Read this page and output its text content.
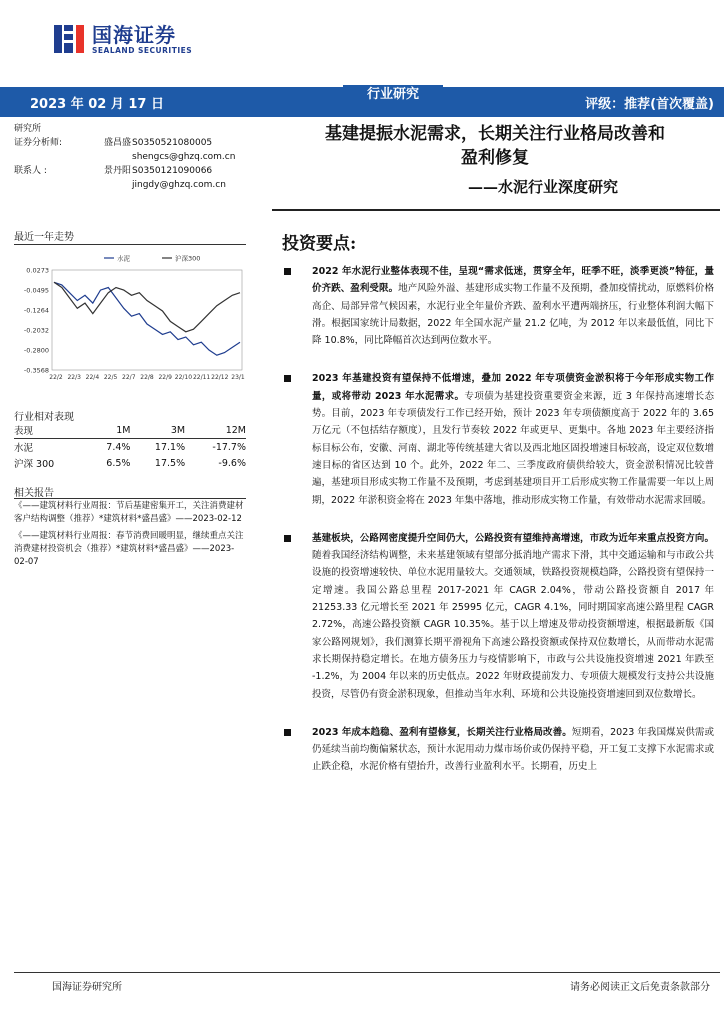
国海证券
SEALAND SECURITIES
2023 年 02 月 17 日
行业研究
评级：推荐(首次覆盖)
研究所
证券分析师:	盛昌盛 S0350521080005
shengcs@ghzq.com.cn
联系人 :	景丹阳 S0350121090066
jingdy@ghzq.com.cn
基建提振水泥需求，长期关注行业格局改善和
盈利修复
——水泥行业深度研究
最近一年走势
0.0273
-0.0495
-0.1264
-0.2032
-0.2800
-0.3568
22/2 22/3 22/4 22/5 22/7 22/8 22/9 22/10 22/11 22/12 23/1
水泥	沪深300
行业相对表现
表现	1M	3M	12M
水泥	7.4%	17.1%	-17.7%
沪深 300	6.5%	17.5%	-9.6%
相关报告

《——建筑材料行业周报：节后基建密集开工，关注消费建材客户结构调整（推荐）*建筑材料*盛昌盛》——2023-02-12

《——建筑材料行业周报：春节消费回暖明显，继续重点关注消费建材投资机会（推荐）*建筑材料*盛昌盛》——2023-02-07

投资要点:
2022 年水泥行业整体表现不佳，呈现“需求低迷，贯穿全年，旺季不旺，淡季更淡”特征，量价齐跌、盈利受限。地产风险外溢、基建形成实物工作量不及预期，叠加疫情扰动，原燃料价格高企、局部异常气候因素，水泥行业全年量价齐跌、盈利水平遭两端挤压，行业整体利润大幅下滑。根据国家统计局数据，2022 年全国水泥产量 21.2 亿吨，为 2012 年以来最低值，同比下降 10.8%，同比降幅首次达到两位数水平。
2023 年基建投资有望保持不低增速，叠加 2022 年专项债资金淤积将于今年形成实物工作量，或将带动 2023 年水泥需求。专项债为基建投资重要资金来源，近 3 年保持高速增长态势。目前，2023 年专项债发行工作已经开始，预计 2023 年专项债额度高于 2022 年的 3.65 万亿元（不包括结存额度），且发行节奏较 2022 年或更早、更集中。各地 2023 年主要经济指标目标公布，安徽、河南、湖北等传统基建大省以及西北地区固投增速目标较高，设定双位数增速目标的省区达到 10 个。此外，2022 年二、三季度政府债供给较大，资金淤积情况比较普遍，基建项目形成实物工作量不及预期，考虑到基建项目开工后形成实物工作量需要一年以上周期，2022 年淤积资金将在 2023 年集中落地，推动形成实物工作量，有效带动水泥需求回暖。
基建板块，公路网密度提升空间仍大，公路投资有望维持高增速，市政为近年来重点投资方向。随着我国经济结构调整，未来基建领域有望部分抵消地产需求下滑，其中交通运输和与市政公共设施的投资增速较快、单位水泥用量较大。交通领域，铁路投资规模趋降，公路投资有望保持一定增速。我国公路总里程 2017-2021 年 CAGR 2.04%，带动公路投资额自 2017 年 21253.33 亿元增长至 2021 年 25995 亿元，CAGR 4.1%，同时期国家高速公路里程 CAGR 2.72%，高速公路投资额 CAGR 10.35%。基于以上增速及带动投资额增速，根据最新版《国家公路网规划》，我们测算长期平滑视角下高速公路投资额或保持双位数增长，从而带动水泥需求长期保持稳定增长。在地方债务压力与疫情影响下，市政与公共设施投资增速 2021 年跌至 -1.2%，为 2004 年以来的历史低点。2022 年财政提前发力、专项债大规模发行支持公共设施投资，尽管仍有资金淤积现象，但推动当年水利、环境和公共设施投资增速回到双位数增长。
2023 年成本趋稳、盈利有望修复，长期关注行业格局改善。短期看，2023 年我国煤炭供需或仍延续当前均衡偏紧状态，预计水泥用动力煤市场价或仍保持平稳，开工复工支撑下水泥需求或止跌企稳，水泥价格有望抬升，改善行业盈利水平。长期看，历史上
国海证券研究所	请务必阅读正文后免责条款部分
